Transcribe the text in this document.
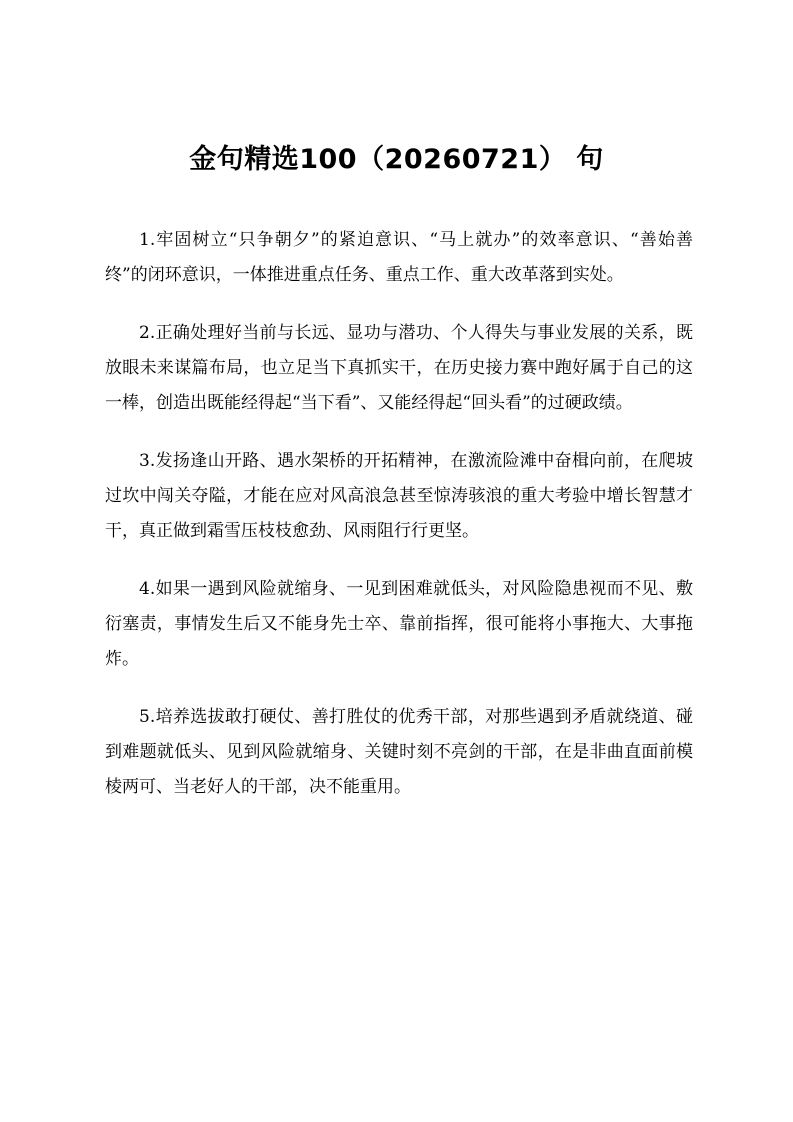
金句精选100（20260721） 句

1.牢固树立“只争朝夕”的紧迫意识、“马上就办”的效率意识、“善始善终”的闭环意识，一体推进重点任务、重点工作、重大改革落到实处。

2.正确处理好当前与长远、显功与潜功、个人得失与事业发展的关系，既放眼未来谋篇布局，也立足当下真抓实干，在历史接力赛中跑好属于自己的这一棒，创造出既能经得起“当下看”、又能经得起“回头看”的过硬政绩。

3.发扬逢山开路、遇水架桥的开拓精神，在激流险滩中奋楫向前，在爬坡过坎中闯关夺隘，才能在应对风高浪急甚至惊涛骇浪的重大考验中增长智慧才干，真正做到霜雪压枝枝愈劲、风雨阻行行更坚。

4.如果一遇到风险就缩身、一见到困难就低头，对风险隐患视而不见、敷衍塞责，事情发生后又不能身先士卒、靠前指挥，很可能将小事拖大、大事拖炸。

5.培养选拔敢打硬仗、善打胜仗的优秀干部，对那些遇到矛盾就绕道、碰到难题就低头、见到风险就缩身、关键时刻不亮剑的干部，在是非曲直面前模棱两可、当老好人的干部，决不能重用。
